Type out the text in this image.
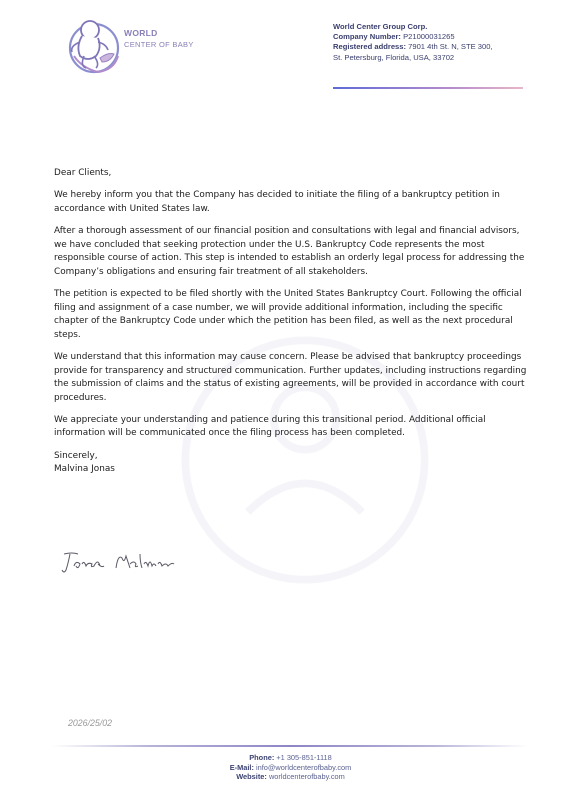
WORLD
CENTER OF BABY
World Center Group Corp.
Company Number: P21000031265
Registered address: 7901 4th St. N, STE 300,
St. Petersburg, Florida, USA, 33702

Dear Clients,

We hereby inform you that the Company has decided to initiate the filing of a bankruptcy petition in accordance with United States law.

After a thorough assessment of our financial position and consultations with legal and financial advisors, we have concluded that seeking protection under the U.S. Bankruptcy Code represents the most responsible course of action. This step is intended to establish an orderly legal process for addressing the Company’s obligations and ensuring fair treatment of all stakeholders.

The petition is expected to be filed shortly with the United States Bankruptcy Court. Following the official filing and assignment of a case number, we will provide additional information, including the specific chapter of the Bankruptcy Code under which the petition has been filed, as well as the next procedural steps.

We understand that this information may cause concern. Please be advised that bankruptcy proceedings provide for transparency and structured communication. Further updates, including instructions regarding the submission of claims and the status of existing agreements, will be provided in accordance with court procedures.

We appreciate your understanding and patience during this transitional period. Additional official information will be communicated once the filing process has been completed.

Sincerely,
Malvina Jonas
2026/25/02
Phone: +1 305-851-1118
E-Mail: info@worldcenterofbaby.com
Website: worldcenterofbaby.com
